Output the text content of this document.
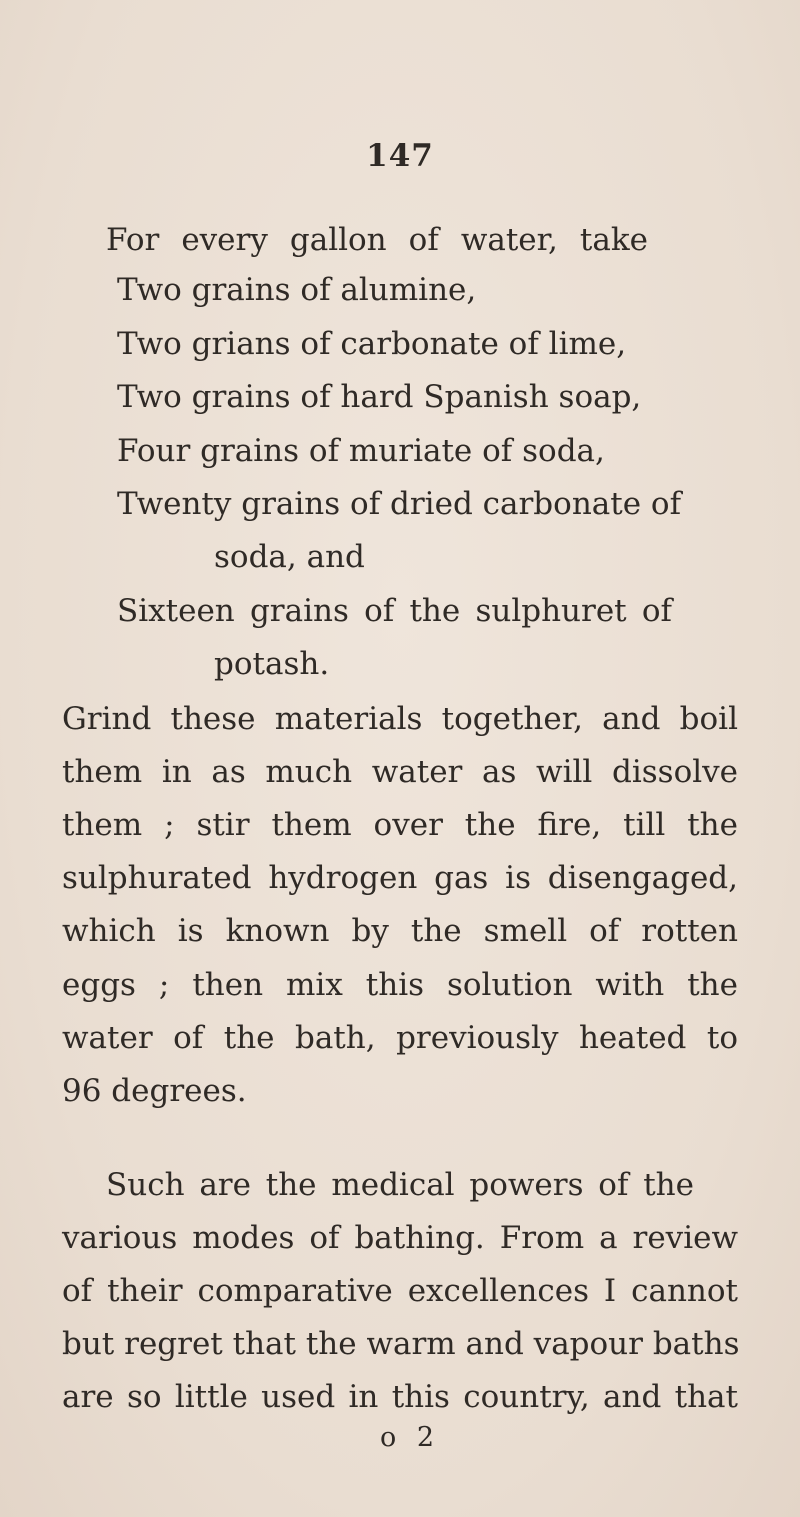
147
For every gallon of water, take
Two grains of alumine,
Two grians of carbonate of lime,
Two grains of hard Spanish soap,
Four grains of muriate of soda,
Twenty grains of dried carbonate of
soda, and
Sixteen grains of the sulphuret of
potash.
Grind these materials together, and boil
them in as much water as will dissolve
them ; stir them over the fire, till the
sulphurated hydrogen gas is disengaged,
which is known by the smell of rotten
eggs ; then mix this solution with the
water of the bath, previously heated to
96 degrees.
Such are the medical powers of the
various modes of bathing. From a review
of their comparative excellences I cannot
but regret that the warm and vapour baths
are so little used in this country, and that
o 2
